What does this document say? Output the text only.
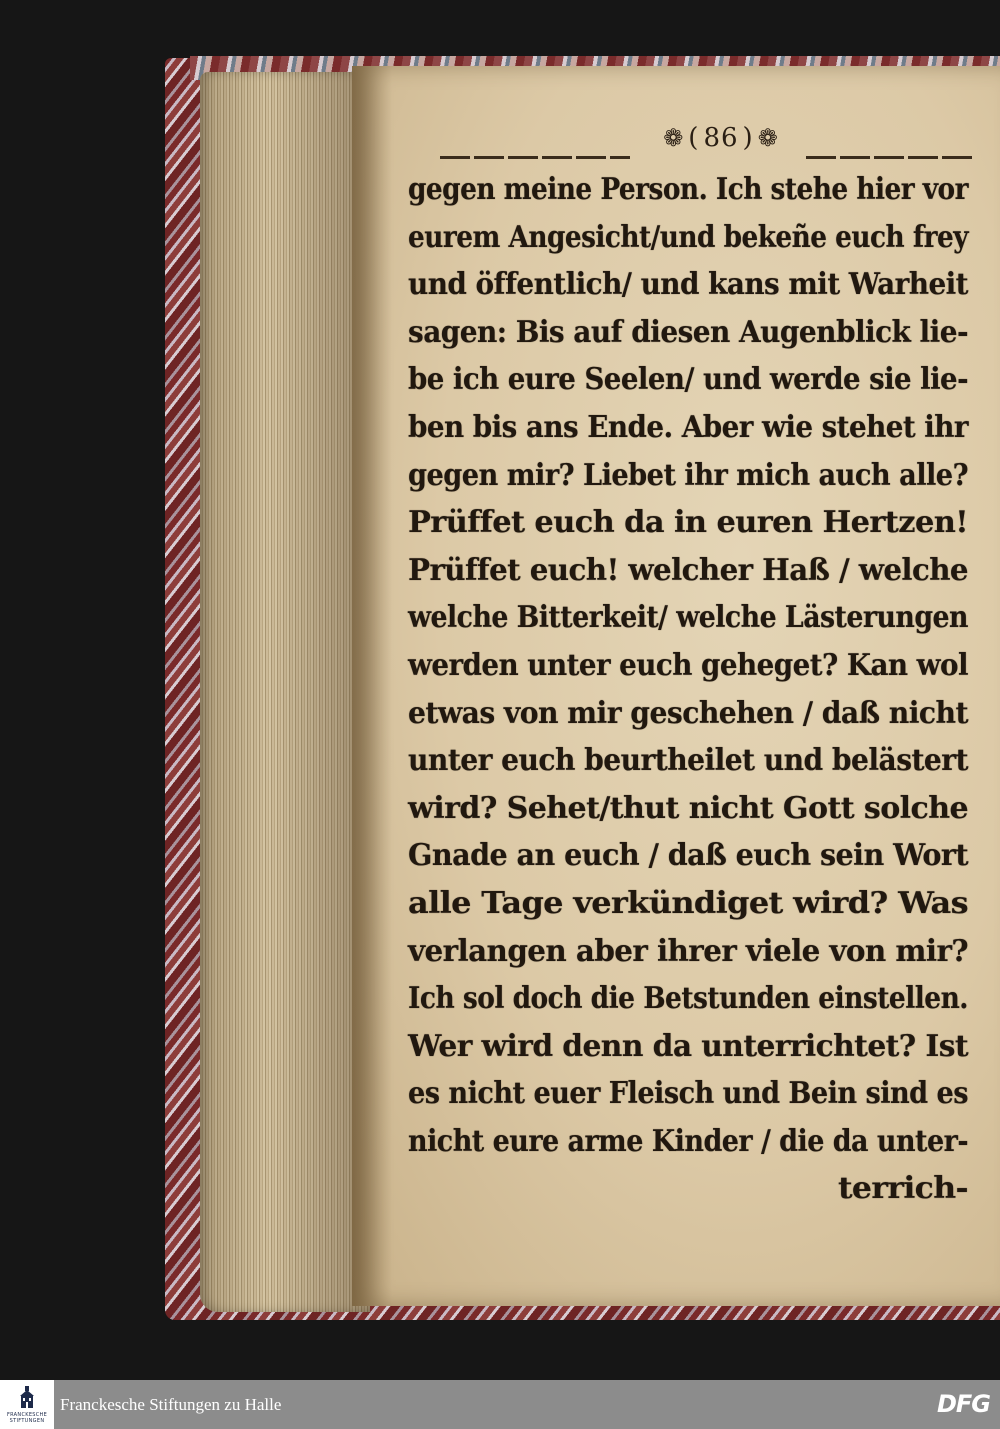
❁ ( 86 ) ❁
gegen meine Person. Ich stehe hier vor
eurem Angesicht/und bekeñe euch frey
und öffentlich/ und kans mit Warheit
sagen: Bis auf diesen Augenblick lie-
be ich eure Seelen/ und werde sie lie-
ben bis ans Ende. Aber wie stehet ihr
gegen mir? Liebet ihr mich auch alle?
Prüffet euch da in euren Hertzen!
Prüffet euch! welcher Haß / welche
welche Bitterkeit/ welche Lästerungen
werden unter euch geheget? Kan wol
etwas von mir geschehen / daß nicht
unter euch beurtheilet und belästert
wird? Sehet/thut nicht Gott solche
Gnade an euch / daß euch sein Wort
alle Tage verkündiget wird? Was
verlangen aber ihrer viele von mir?
Ich sol doch die Betstunden einstellen.
Wer wird denn da unterrichtet? Ist
es nicht euer Fleisch und Bein sind es
nicht eure arme Kinder / die da unter-
terrich-
FRANCKESCHE STIFTUNGEN
Franckesche Stiftungen zu Halle	DFG
